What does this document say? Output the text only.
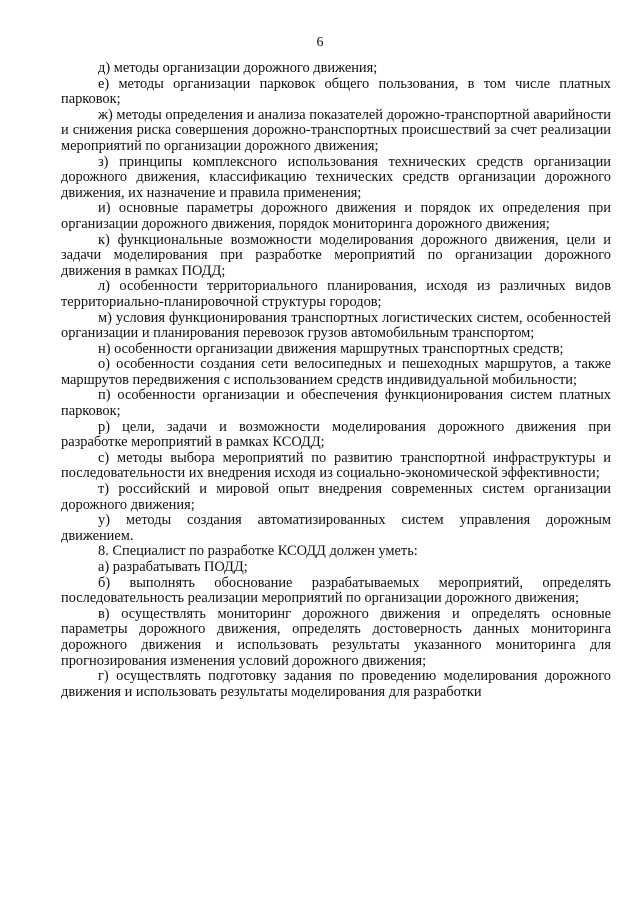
6

д) методы организации дорожного движения;

е) методы организации парковок общего пользования, в том числе платных парковок;

ж) методы определения и анализа показателей дорожно-транспортной аварийности и снижения риска совершения дорожно-транспортных происшествий за счет реализации мероприятий по организации дорожного движения;

з) принципы комплексного использования технических средств организации дорожного движения, классификацию технических средств организации дорожного движения, их назначение и правила применения;

и) основные параметры дорожного движения и порядок их определения при организации дорожного движения, порядок мониторинга дорожного движения;

к) функциональные возможности моделирования дорожного движения, цели и задачи моделирования при разработке мероприятий по организации дорожного движения в рамках ПОДД;

л) особенности территориального планирования, исходя из различных видов территориально-планировочной структуры городов;

м) условия функционирования транспортных логистических систем, особенностей организации и планирования перевозок грузов автомобильным транспортом;

н) особенности организации движения маршрутных транспортных средств;

о) особенности создания сети велосипедных и пешеходных маршрутов, а также маршрутов передвижения с использованием средств индивидуальной мобильности;

п) особенности организации и обеспечения функционирования систем платных парковок;

р) цели, задачи и возможности моделирования дорожного движения при разработке мероприятий в рамках КСОДД;

с) методы выбора мероприятий по развитию транспортной инфраструктуры и последовательности их внедрения исходя из социально-экономической эффективности;

т) российский и мировой опыт внедрения современных систем организации дорожного движения;

у) методы создания автоматизированных систем управления дорожным движением.

8. Специалист по разработке КСОДД должен уметь:

а) разрабатывать ПОДД;

б) выполнять обоснование разрабатываемых мероприятий, определять последовательность реализации мероприятий по организации дорожного движения;

в) осуществлять мониторинг дорожного движения и определять основные параметры дорожного движения, определять достоверность данных мониторинга дорожного движения и использовать результаты указанного мониторинга для прогнозирования изменения условий дорожного движения;

г) осуществлять подготовку задания по проведению моделирования дорожного движения и использовать результаты моделирования для разработки
